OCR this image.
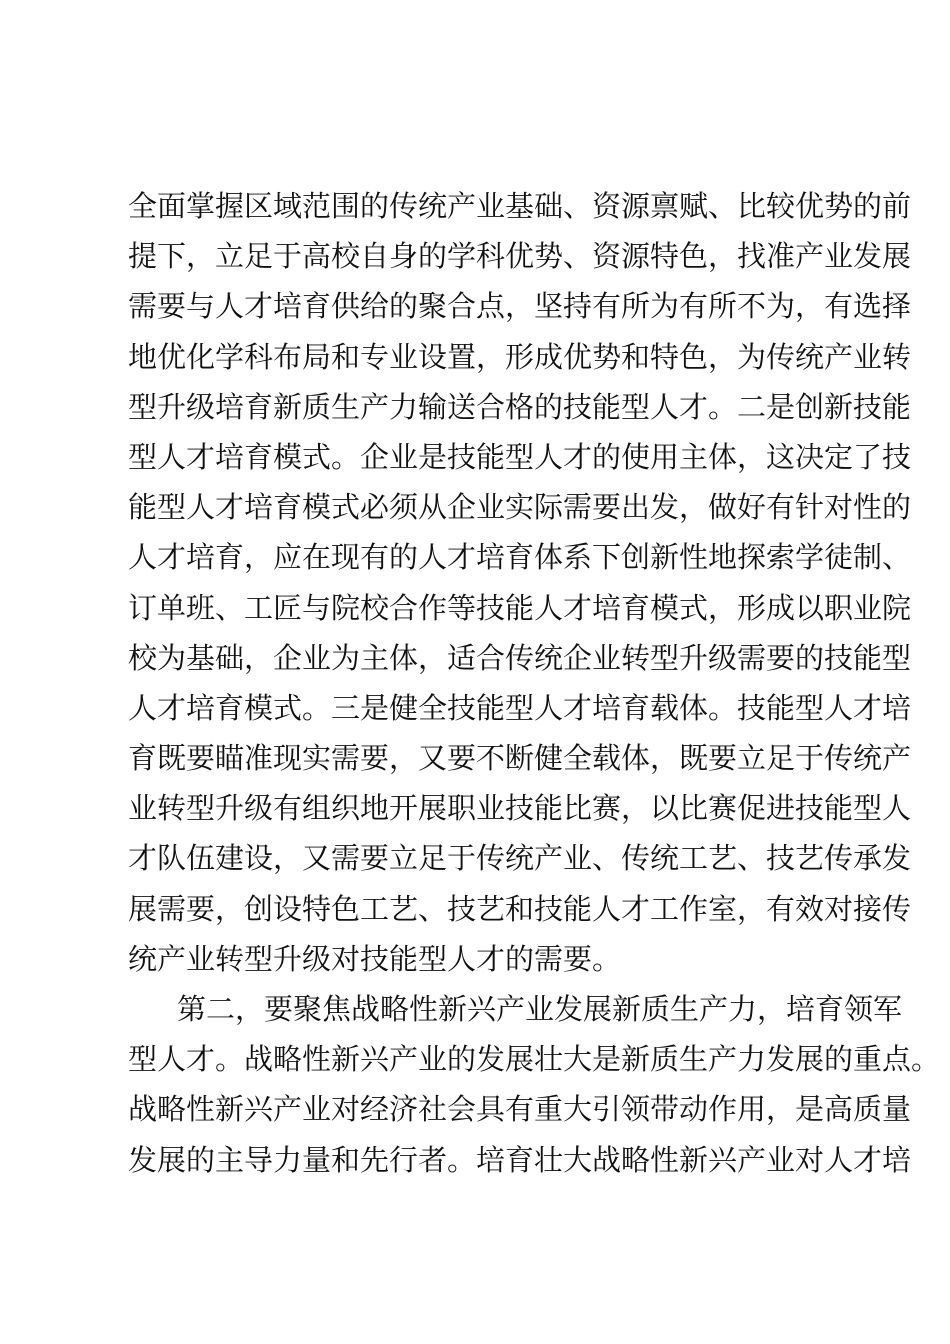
全面掌握区域范围的传统产业基础、资源禀赋、比较优势的前
提下，立足于高校自身的学科优势、资源特色，找准产业发展
需要与人才培育供给的聚合点，坚持有所为有所不为，有选择
地优化学科布局和专业设置，形成优势和特色，为传统产业转
型升级培育新质生产力输送合格的技能型人才。二是创新技能
型人才培育模式。企业是技能型人才的使用主体，这决定了技
能型人才培育模式必须从企业实际需要出发，做好有针对性的
人才培育，应在现有的人才培育体系下创新性地探索学徒制、
订单班、工匠与院校合作等技能人才培育模式，形成以职业院
校为基础，企业为主体，适合传统企业转型升级需要的技能型
人才培育模式。三是健全技能型人才培育载体。技能型人才培
育既要瞄准现实需要，又要不断健全载体，既要立足于传统产
业转型升级有组织地开展职业技能比赛，以比赛促进技能型人
才队伍建设，又需要立足于传统产业、传统工艺、技艺传承发
展需要，创设特色工艺、技艺和技能人才工作室，有效对接传
统产业转型升级对技能型人才的需要。
第二，要聚焦战略性新兴产业发展新质生产力，培育领军
型人才。战略性新兴产业的发展壮大是新质生产力发展的重点。
战略性新兴产业对经济社会具有重大引领带动作用，是高质量
发展的主导力量和先行者。培育壮大战略性新兴产业对人才培
